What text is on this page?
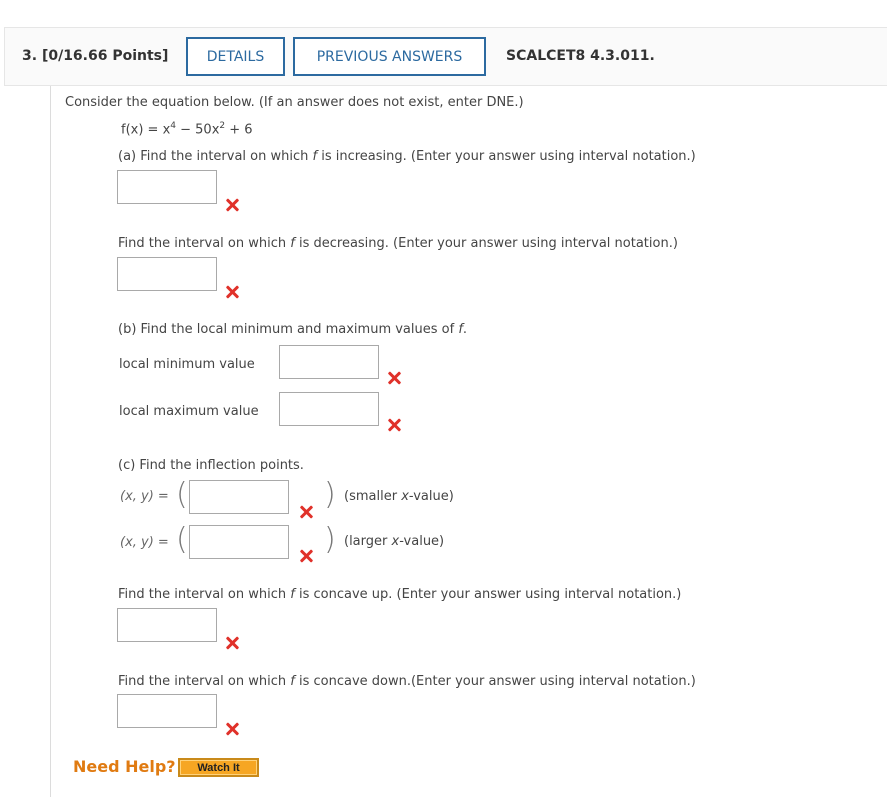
3. [0/16.66 Points]	DETAILS	PREVIOUS ANSWERS	SCALCET8 4.3.011.
Consider the equation below. (If an answer does not exist, enter DNE.)
$f(x) = x^4 - 50x^2 + 6$
(a) Find the interval on which f is increasing. (Enter your answer using interval notation.)
Find the interval on which f is decreasing. (Enter your answer using interval notation.)
(b) Find the local minimum and maximum values of f.
local minimum value
local maximum value
(c) Find the inflection points.
(x, y) = (	) (smaller x-value)
(x, y) = (	) (larger x-value)
Find the interval on which f is concave up. (Enter your answer using interval notation.)
Find the interval on which f is concave down.(Enter your answer using interval notation.)
Need Help?	Watch It
